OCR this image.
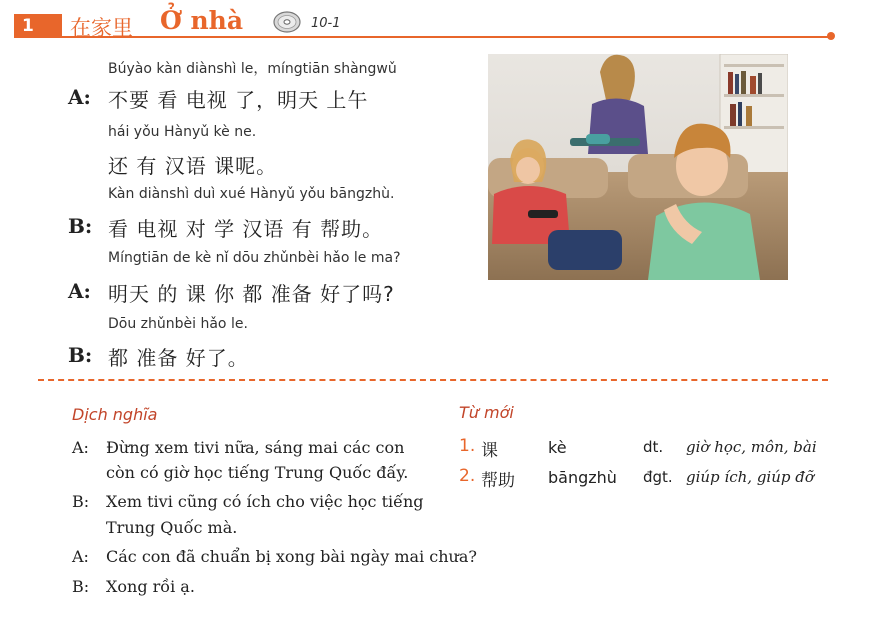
1	在家里 Ở nhà	10-1
Búyào kàn diànshì le，míngtiān shàngwǔ
A: 不要 看 电视 了，明天 上午
hái yǒu Hànyǔ kè ne.
还 有 汉语 课呢。
Kàn diànshì duì xué Hànyǔ yǒu bāngzhù.
B: 看 电视 对 学 汉语 有 帮助。
Míngtiān de kè nǐ dōu zhǔnbèi hǎo le ma?
A: 明天 的 课 你 都 准备 好了吗?
Dōu zhǔnbèi hǎo le.
B: 都 准备 好了。
Dịch nghĩa
A: Đừng xem tivi nữa, sáng mai các con
còn có giờ học tiếng Trung Quốc đấy.
B: Xem tivi cũng có ích cho việc học tiếng
Trung Quốc mà.
A: Các con đã chuẩn bị xong bài ngày mai chưa?
B: Xong rồi ạ.
Từ mới
1. 课	kè	dt. giờ học, môn, bài
2. 帮助 bāngzhù đgt. giúp ích, giúp đỡ
